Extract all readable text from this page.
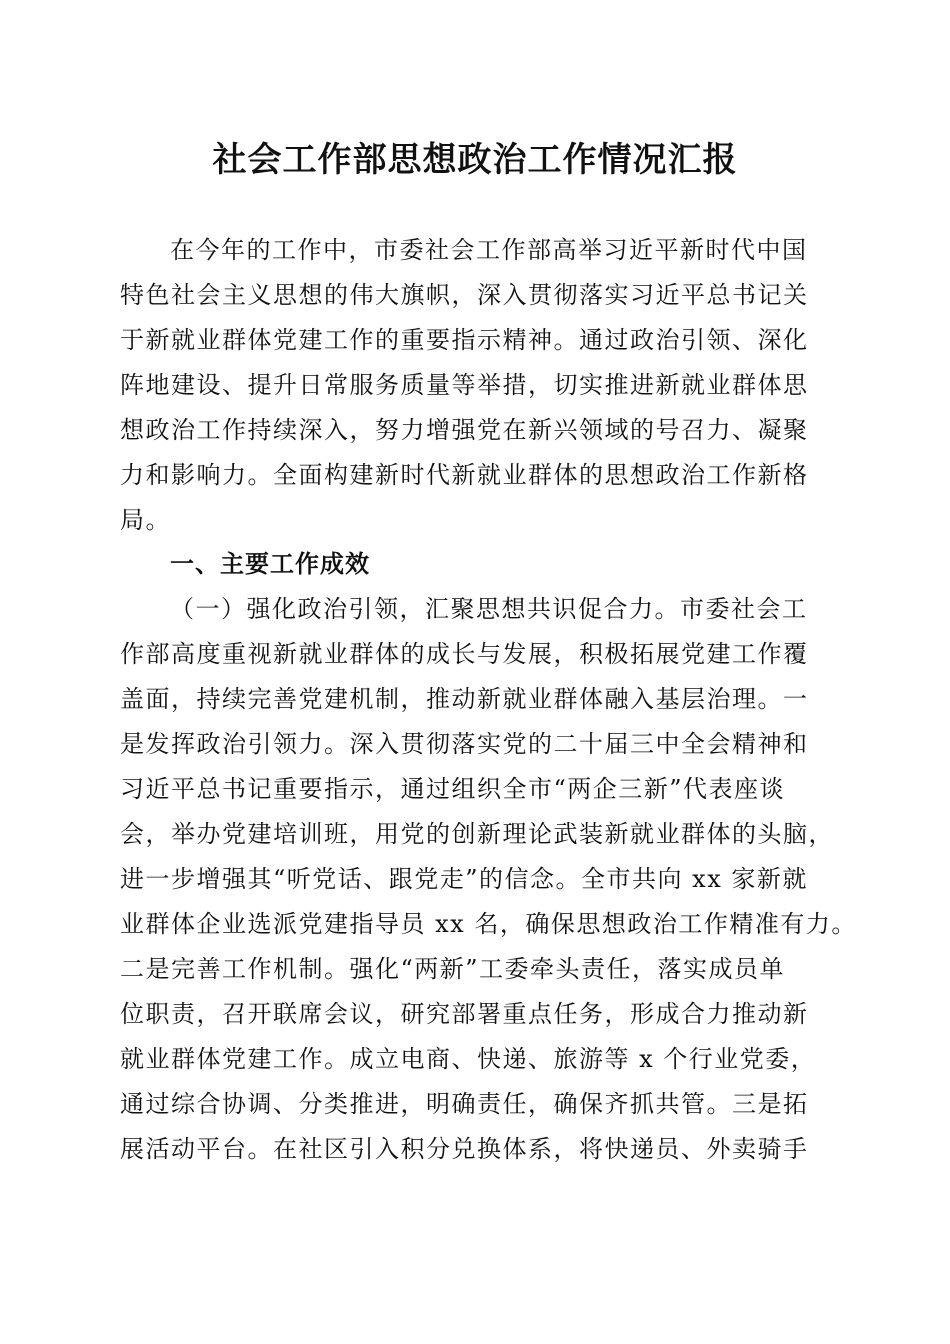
社会工作部思想政治工作情况汇报
在今年的工作中，市委社会工作部高举习近平新时代中国
特色社会主义思想的伟大旗帜，深入贯彻落实习近平总书记关
于新就业群体党建工作的重要指示精神。通过政治引领、深化
阵地建设、提升日常服务质量等举措，切实推进新就业群体思
想政治工作持续深入，努力增强党在新兴领域的号召力、凝聚
力和影响力。全面构建新时代新就业群体的思想政治工作新格
局。
一、主要工作成效
（一）强化政治引领，汇聚思想共识促合力。市委社会工
作部高度重视新就业群体的成长与发展，积极拓展党建工作覆
盖面，持续完善党建机制，推动新就业群体融入基层治理。一
是发挥政治引领力。深入贯彻落实党的二十届三中全会精神和
习近平总书记重要指示，通过组织全市“两企三新”代表座谈
会，举办党建培训班，用党的创新理论武装新就业群体的头脑，
进一步增强其“听党话、跟党走”的信念。全市共向 xx 家新就
业群体企业选派党建指导员 xx 名，确保思想政治工作精准有力。
二是完善工作机制。强化“两新”工委牵头责任，落实成员单
位职责，召开联席会议，研究部署重点任务，形成合力推动新
就业群体党建工作。成立电商、快递、旅游等 x 个行业党委，
通过综合协调、分类推进，明确责任，确保齐抓共管。三是拓
展活动平台。在社区引入积分兑换体系，将快递员、外卖骑手
